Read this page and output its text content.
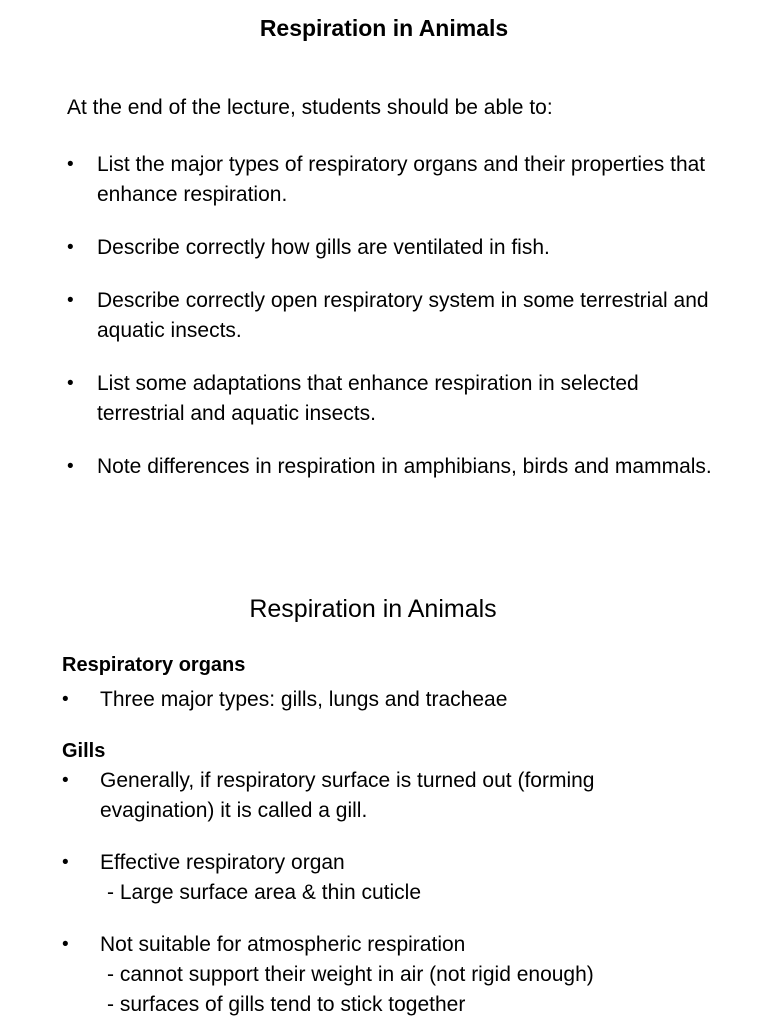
Respiration in Animals
At the end of the lecture, students should be able to:
•	List the major types of respiratory organs and their properties that enhance respiration.
•	Describe correctly how gills are ventilated in fish.
•	Describe correctly open respiratory system in some terrestrial and aquatic insects.
•	List some adaptations that enhance respiration in selected terrestrial and aquatic insects.
•	Note differences in respiration in amphibians, birds and mammals.
Respiration in Animals
Respiratory organs
• Three major types: gills, lungs and tracheae
Gills
• Generally, if respiratory surface is turned out (forming evagination) it is called a gill.
• Effective respiratory organ
- Large surface area & thin cuticle
• Not suitable for atmospheric respiration
- cannot support their weight in air (not rigid enough)
- surfaces of gills tend to stick together
